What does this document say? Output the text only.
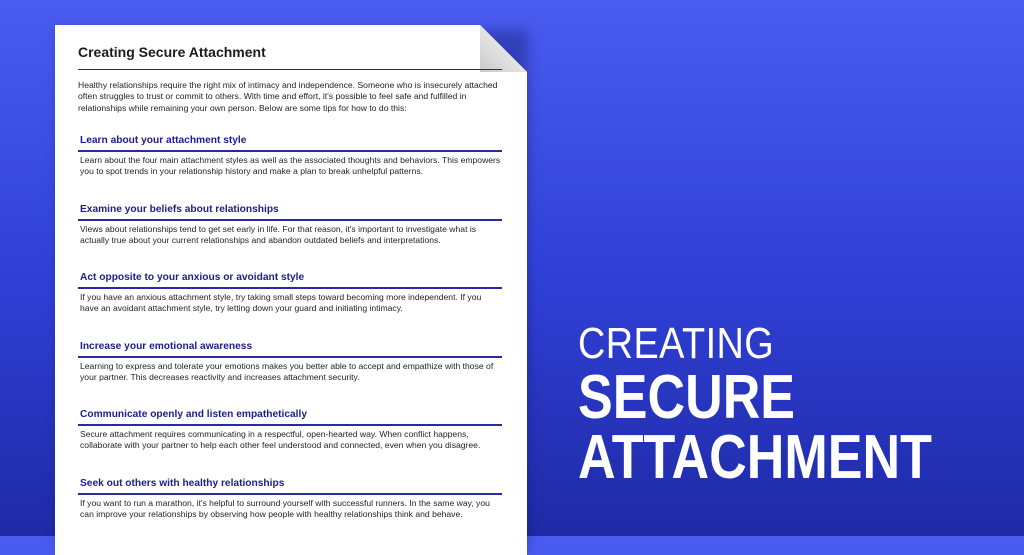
Creating Secure Attachment
Healthy relationships require the right mix of intimacy and independence. Someone who is insecurely attached often struggles to trust or commit to others. With time and effort, it's possible to feel safe and fulfilled in relationships while remaining your own person. Below are some tips for how to do this:
Learn about your attachment style

Learn about the four main attachment styles as well as the associated thoughts and behaviors. This empowers you to spot trends in your relationship history and make a plan to break unhelpful patterns.

Examine your beliefs about relationships

Views about relationships tend to get set early in life. For that reason, it's important to investigate what is actually true about your current relationships and abandon outdated beliefs and interpretations.

Act opposite to your anxious or avoidant style

If you have an anxious attachment style, try taking small steps toward becoming more independent. If you have an avoidant attachment style, try letting down your guard and initiating intimacy.

Increase your emotional awareness

Learning to express and tolerate your emotions makes you better able to accept and empathize with those of your partner. This decreases reactivity and increases attachment security.

Communicate openly and listen empathetically

Secure attachment requires communicating in a respectful, open-hearted way. When conflict happens, collaborate with your partner to help each other feel understood and connected, even when you disagree.

Seek out others with healthy relationships

If you want to run a marathon, it's helpful to surround yourself with successful runners. In the same way, you can improve your relationships by observing how people with healthy relationships think and behave.

CREATING
SECURE
ATTACHMENT
